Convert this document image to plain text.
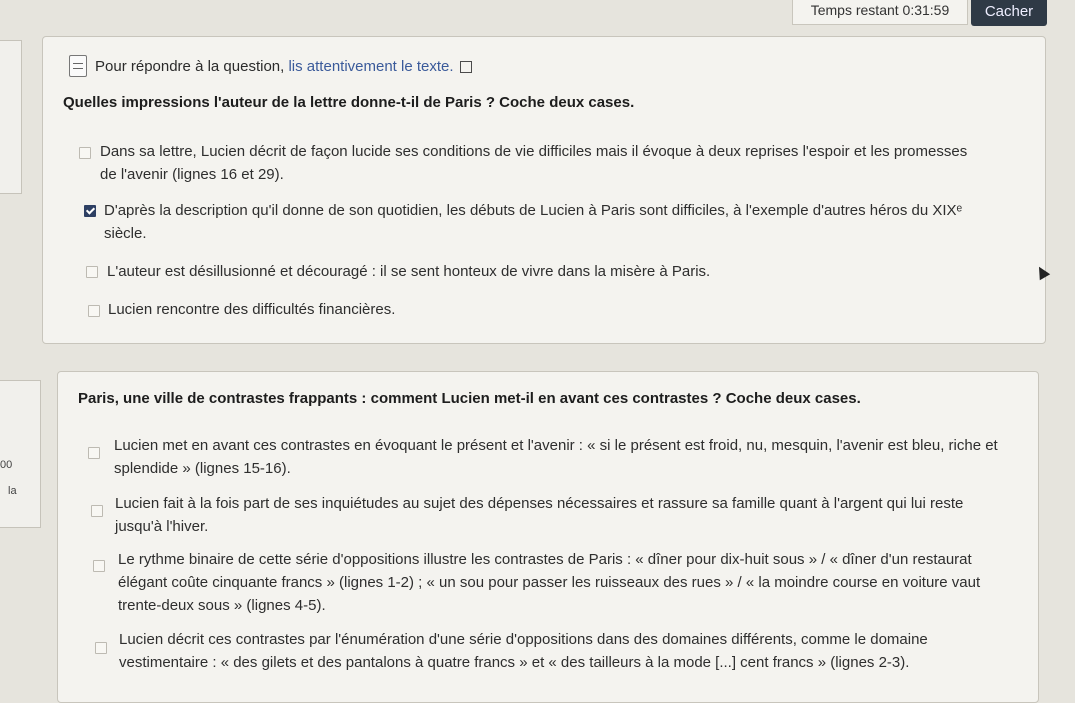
Temps restant 0:31:59	Cacher
00
la
Pour répondre à la question,
lis attentivement le texte.
Quelles impressions l'auteur de la lettre donne-t-il de Paris ? Coche deux cases.
Dans sa lettre, Lucien décrit de façon lucide ses conditions de vie difficiles mais il évoque à deux reprises l'espoir et les promesses
de l'avenir (lignes 16 et 29).
D'après la description qu'il donne de son quotidien, les débuts de Lucien à Paris sont difficiles, à l'exemple d'autres héros du XIXᵉ
siècle.
L'auteur est désillusionné et découragé : il se sent honteux de vivre dans la misère à Paris.
Lucien rencontre des difficultés financières.
Paris, une ville de contrastes frappants : comment Lucien met-il en avant ces contrastes ? Coche deux cases.
Lucien met en avant ces contrastes en évoquant le présent et l'avenir : « si le présent est froid, nu, mesquin, l'avenir est bleu, riche et
splendide » (lignes 15-16).
Lucien fait à la fois part de ses inquiétudes au sujet des dépenses nécessaires et rassure sa famille quant à l'argent qui lui reste
jusqu'à l'hiver.
Le rythme binaire de cette série d'oppositions illustre les contrastes de Paris : « dîner pour dix-huit sous » / « dîner d'un restaurat
élégant coûte cinquante francs » (lignes 1-2) ; « un sou pour passer les ruisseaux des rues » / « la moindre course en voiture vaut
trente-deux sous » (lignes 4-5).
Lucien décrit ces contrastes par l'énumération d'une série d'oppositions dans des domaines différents, comme le domaine
vestimentaire : « des gilets et des pantalons à quatre francs » et « des tailleurs à la mode [...] cent francs » (lignes 2-3).
